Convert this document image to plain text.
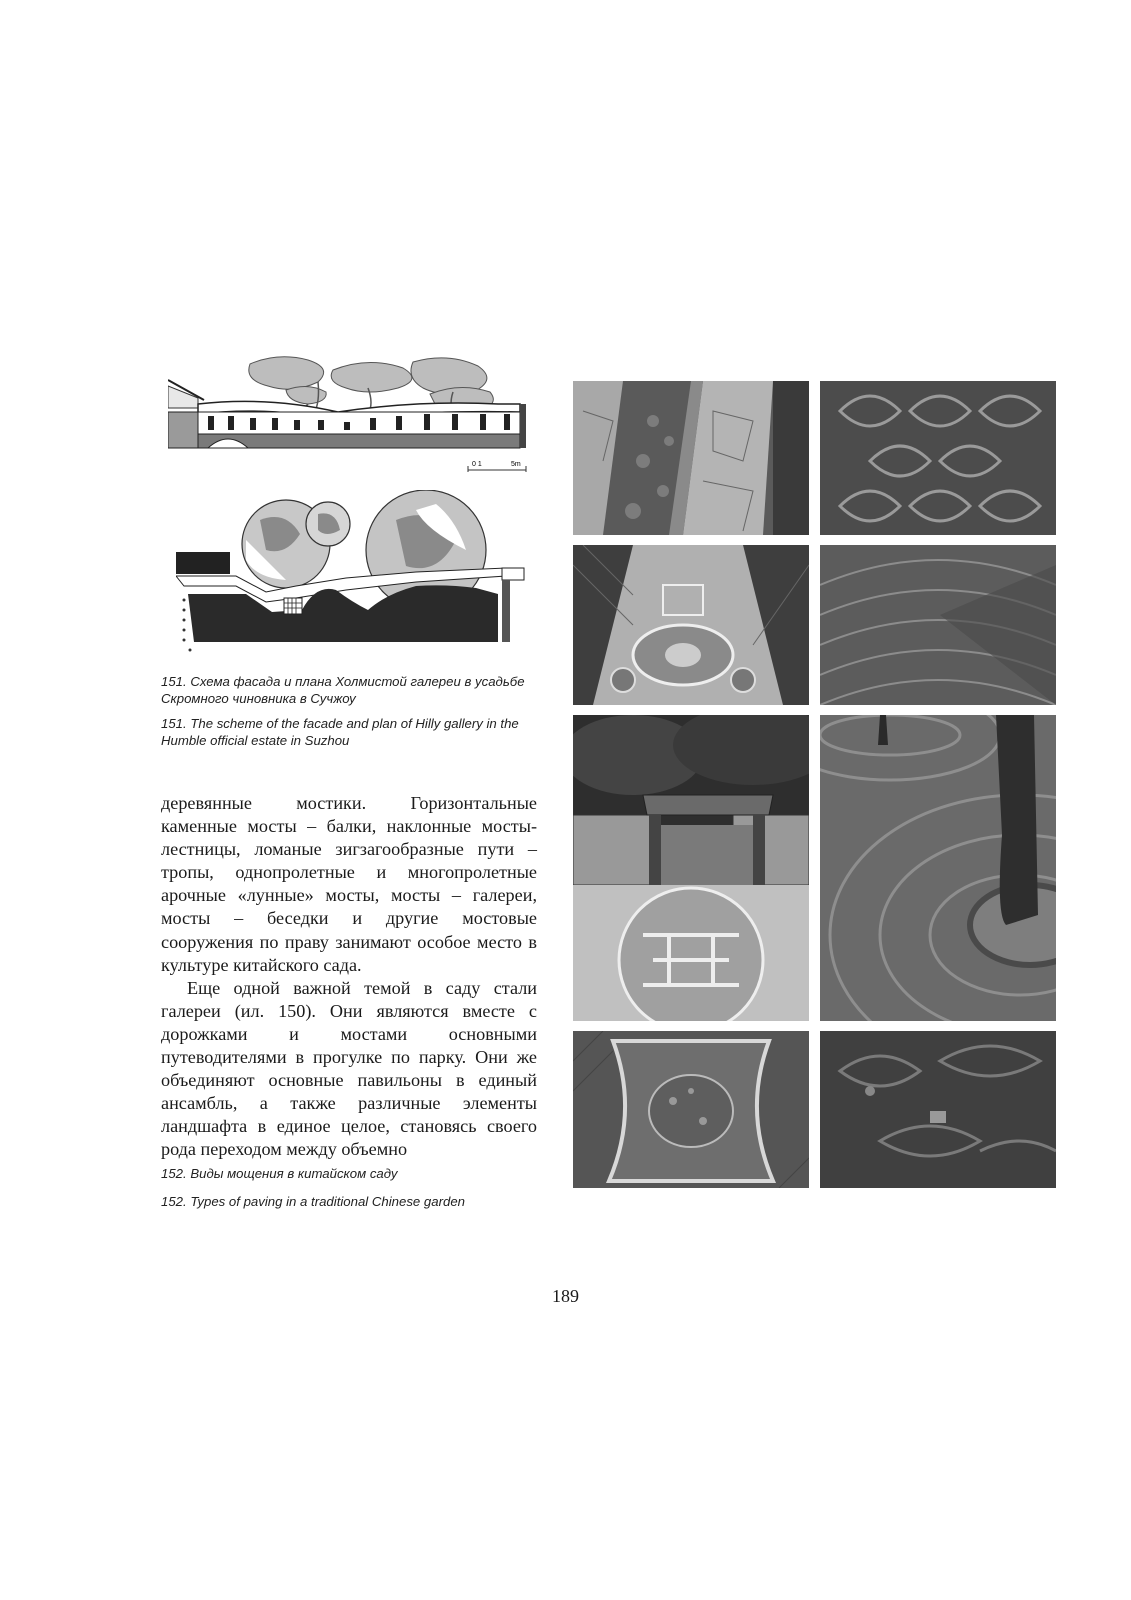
0 1	5m

151. Схема фасада и плана Холмистой галереи в усадьбе Скромного чиновника в Сучжоу

151. The scheme of the facade and plan of Hilly gallery in the Humble official estate in Suzhou

деревянные мостики. Горизонтальные каменные мосты – балки, наклонные мосты-лестницы, ломаные зигзагообразные пути – тропы, однопролетные и многопролетные арочные «лунные» мосты, мосты – галереи, мосты – беседки и другие мостовые сооружения по праву занимают особое место в культуре китайского сада.

Еще одной важной темой в саду стали галереи (ил. 150). Они являются вместе с дорожками и мостами основными путеводителями в прогулке по парку. Они же объединяют основные павильоны в единый ансамбль, а также различные элементы ландшафта в единое целое, становясь своего рода переходом между объемно

152. Виды мощения в китайском саду

152. Types of paving in a traditional Chinese garden

189
